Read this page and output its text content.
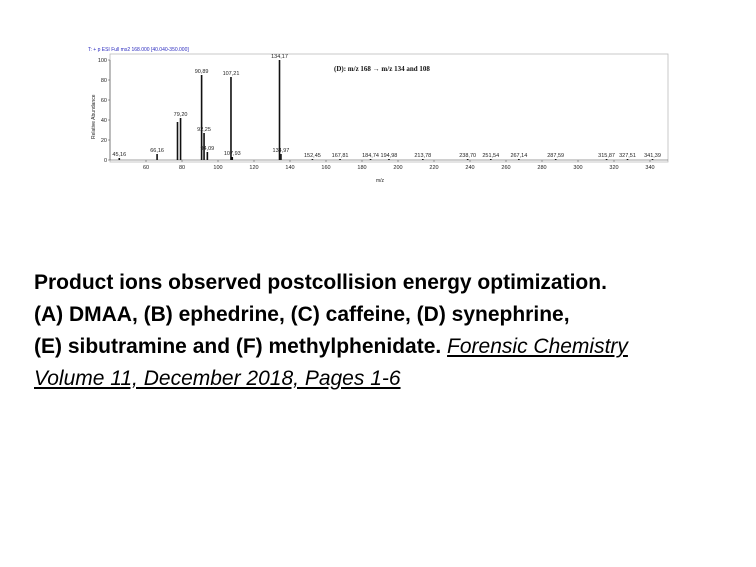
T: + p ESI Full ms2 168.000 [40.040-350.000]
Relative Abundance
m/z
(D): m/z 168 → m/z 134 and 108
0
20
40
60
80
100
60	80	100	120	140	160	180	200	220	240	260	280	300	320	340
45,16
66,16
79,20
90,89
92,25
94,09
107,21
107,93
134,17
134,97
152,45 167,81 184,74 194,98	213,78	238,70 251,54 267,14	287,59	315,87 327,51 341,39
Product ions observed postcollision energy optimization.
(A) DMAA, (B) ephedrine, (C) caffeine, (D) synephrine,
(E) sibutramine and (F) methylphenidate. Forensic Chemistry
Volume 11, December 2018, Pages 1-6
